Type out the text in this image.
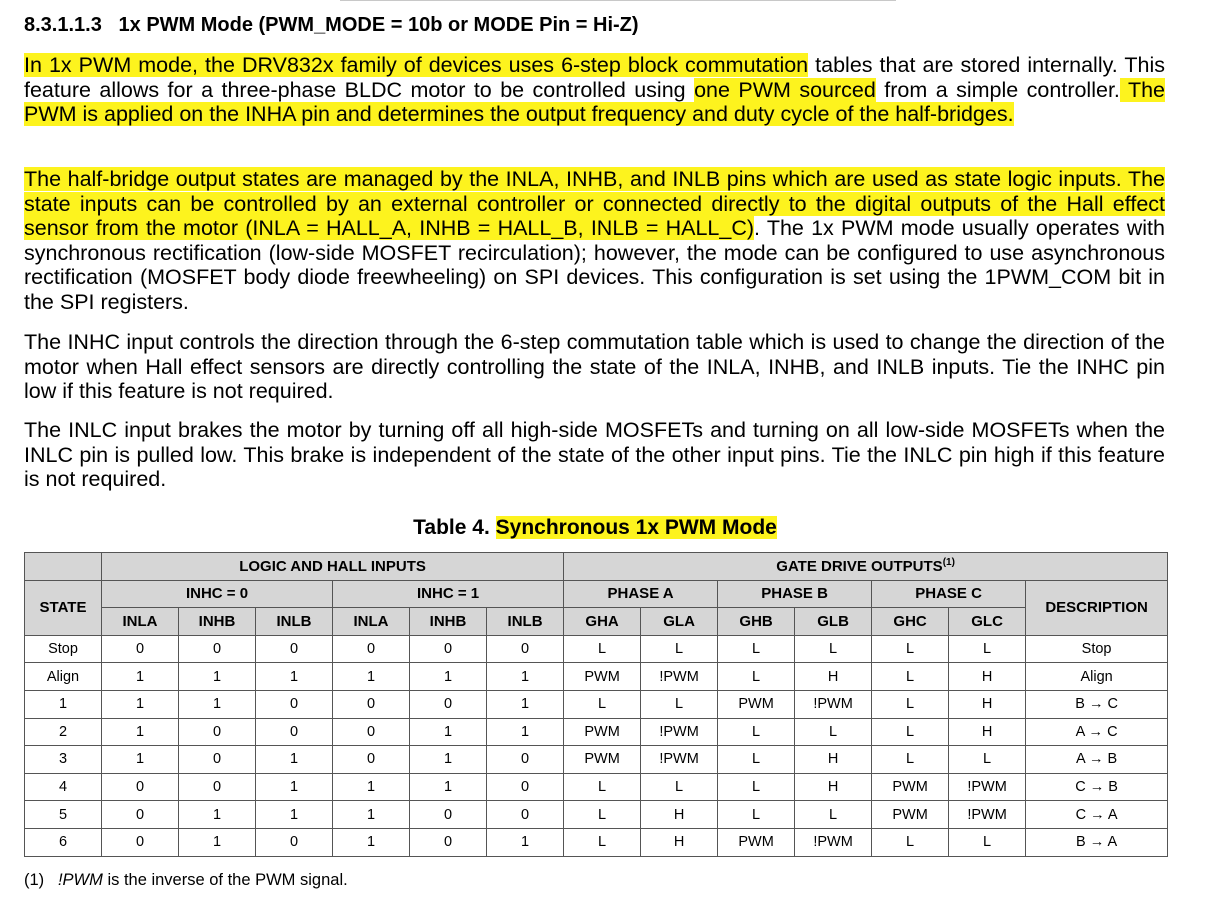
8.3.1.1.3 1x PWM Mode (PWM_MODE = 10b or MODE Pin = Hi-Z)

In 1x PWM mode, the DRV832x family of devices uses 6-step block commutation tables that are stored internally. This feature allows for a three-phase BLDC motor to be controlled using one PWM sourced from a simple controller. The PWM is applied on the INHA pin and determines the output frequency and duty cycle of the half-bridges.

The half-bridge output states are managed by the INLA, INHB, and INLB pins which are used as state logic inputs. The state inputs can be controlled by an external controller or connected directly to the digital outputs of the Hall effect sensor from the motor (INLA = HALL_A, INHB = HALL_B, INLB = HALL_C). The 1x PWM mode usually operates with synchronous rectification (low-side MOSFET recirculation); however, the mode can be configured to use asynchronous rectification (MOSFET body diode freewheeling) on SPI devices. This configuration is set using the 1PWM_COM bit in the SPI registers.

The INHC input controls the direction through the 6-step commutation table which is used to change the direction of the motor when Hall effect sensors are directly controlling the state of the INLA, INHB, and INLB inputs. Tie the INHC pin low if this feature is not required.

The INLC input brakes the motor by turning off all high-side MOSFETs and turning on all low-side MOSFETs when the INLC pin is pulled low. This brake is independent of the state of the other input pins. Tie the INLC pin high if this feature is not required.

Table 4. Synchronous 1x PWM Mode

	LOGIC AND HALL INPUTS						GATE DRIVE OUTPUTS$^{(1)}$
STATE	INHC = 0			INHC = 1			PHASE A		PHASE B		PHASE C		DESCRIPTION
	INLA	INHB	INLB	INLA	INHB	INLB	GHA	GLA	GHB	GLB	GHC	GLC	
Stop	0	0	0	0	0	0	L	L	L	L	L	L	Stop
Align	1	1	1	1	1	1	PWM	!PWM	L	H	L	H	Align
1	1	1	0	0	0	1	L	L	PWM	!PWM	L	H	B → C
2	1	0	0	0	1	1	PWM	!PWM	L	L	L	H	A → C
3	1	0	1	0	1	0	PWM	!PWM	L	H	L	L	A → B
4	0	0	1	1	1	0	L	L	L	H	PWM	!PWM	C → B
5	0	1	1	1	0	0	L	H	L	L	PWM	!PWM	C → A
6	0	1	0	1	0	1	L	H	PWM	!PWM	L	L	B → A

(1) !PWM is the inverse of the PWM signal.
